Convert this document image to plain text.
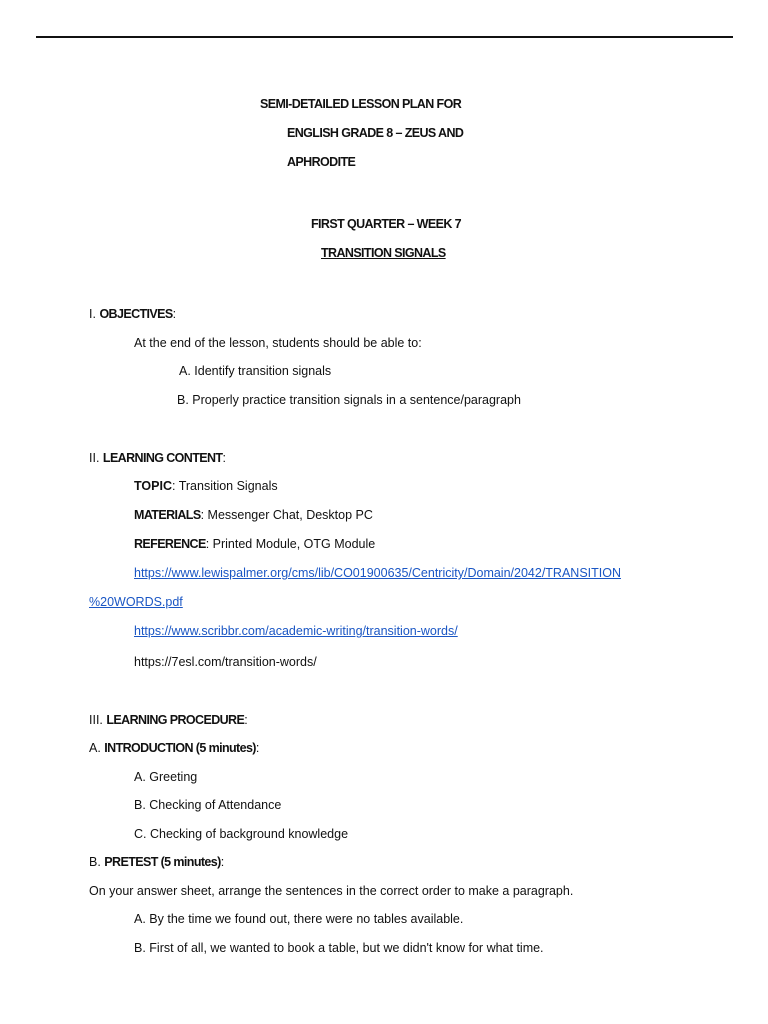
SEMI-DETAILED LESSON PLAN FOR
ENGLISH GRADE 8 – ZEUS AND
APHRODITE
FIRST QUARTER – WEEK 7
TRANSITION SIGNALS
I. OBJECTIVES:
At the end of the lesson, students should be able to:
A. Identify transition signals
B. Properly practice transition signals in a sentence/paragraph
II. LEARNING CONTENT:
TOPIC: Transition Signals
MATERIALS: Messenger Chat, Desktop PC
REFERENCE: Printed Module, OTG Module
https://www.lewispalmer.org/cms/lib/CO01900635/Centricity/Domain/2042/TRANSITION
%20WORDS.pdf
https://www.scribbr.com/academic-writing/transition-words/
https://7esl.com/transition-words/
III. LEARNING PROCEDURE:
A. INTRODUCTION (5 minutes):
A. Greeting
B. Checking of Attendance
C. Checking of background knowledge
B. PRETEST (5 minutes):
On your answer sheet, arrange the sentences in the correct order to make a paragraph.
A. By the time we found out, there were no tables available.
B. First of all, we wanted to book a table, but we didn't know for what time.
